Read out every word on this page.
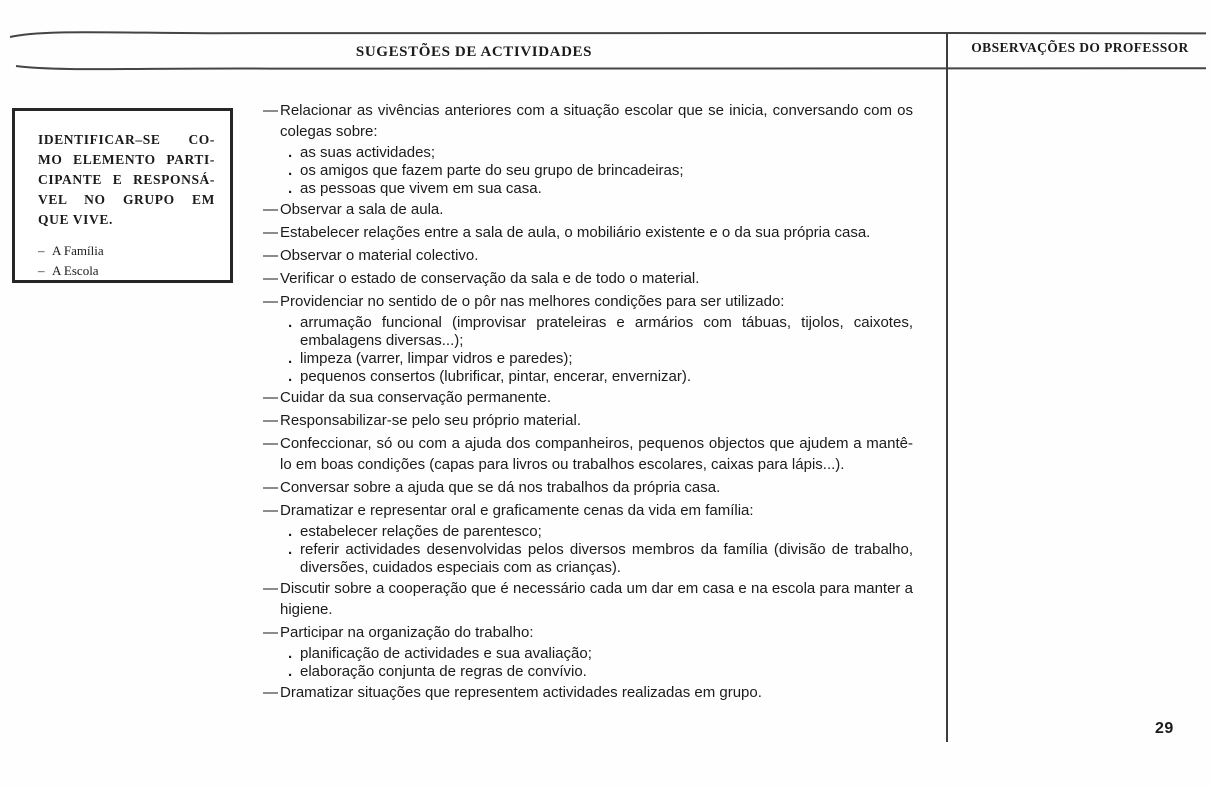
SUGESTÕES DE ACTIVIDADES	OBSERVAÇÕES DO PROFESSOR
IDENTIFICAR–SE CO-
MO ELEMENTO PARTI-
CIPANTE E RESPONSÁ-
VEL NO GRUPO EM
QUE VIVE.
– A Família
– A Escola
— Relacionar as vivências anteriores com a situação escolar que se inicia, conversando com os colegas sobre:

. as suas actividades;

. os amigos que fazem parte do seu grupo de brincadeiras;

. as pessoas que vivem em sua casa.

— Observar a sala de aula.

— Estabelecer relações entre a sala de aula, o mobiliário existente e o da sua própria casa.

— Observar o material colectivo.

— Verificar o estado de conservação da sala e de todo o material.

— Providenciar no sentido de o pôr nas melhores condições para ser utilizado:

. arrumação funcional (improvisar prateleiras e armários com tábuas, tijolos, caixotes, embalagens diversas...);

. limpeza (varrer, limpar vidros e paredes);

. pequenos consertos (lubrificar, pintar, encerar, envernizar).

— Cuidar da sua conservação permanente.

— Responsabilizar-se pelo seu próprio material.

— Confeccionar, só ou com a ajuda dos companheiros, pequenos objectos que ajudem a mantê-lo em boas condições (capas para livros ou trabalhos escolares, caixas para lápis...).

— Conversar sobre a ajuda que se dá nos trabalhos da própria casa.

— Dramatizar e representar oral e graficamente cenas da vida em família:

. estabelecer relações de parentesco;

. referir actividades desenvolvidas pelos diversos membros da família (divisão de trabalho, diversões, cuidados especiais com as crianças).

— Discutir sobre a cooperação que é necessário cada um dar em casa e na escola para manter a higiene.

— Participar na organização do trabalho:

. planificação de actividades e sua avaliação;

. elaboração conjunta de regras de convívio.

— Dramatizar situações que representem actividades realizadas em grupo.

29
